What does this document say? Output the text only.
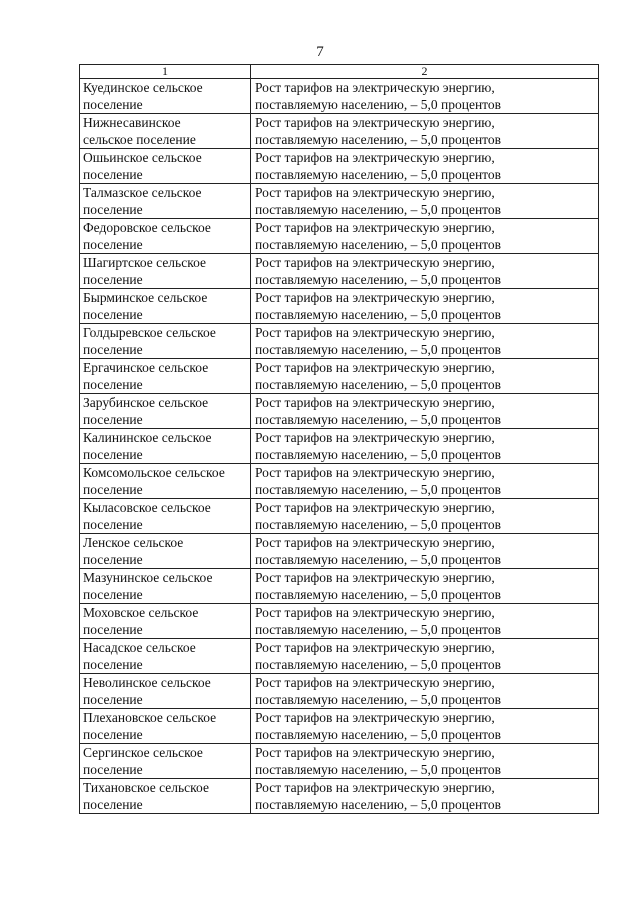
7
1	2

Куединское сельское
поселение	Рост тарифов на электрическую энергию,
поставляемую населению, – 5,0 процентов

Нижнесавинское
сельское поселение	Рост тарифов на электрическую энергию,
поставляемую населению, – 5,0 процентов

Ошьинское сельское
поселение	Рост тарифов на электрическую энергию,
поставляемую населению, – 5,0 процентов

Талмазское сельское
поселение	Рост тарифов на электрическую энергию,
поставляемую населению, – 5,0 процентов

Федоровское сельское
поселение	Рост тарифов на электрическую энергию,
поставляемую населению, – 5,0 процентов

Шагиртское сельское
поселение	Рост тарифов на электрическую энергию,
поставляемую населению, – 5,0 процентов

Бырминское сельское
поселение	Рост тарифов на электрическую энергию,
поставляемую населению, – 5,0 процентов

Голдыревское сельское
поселение	Рост тарифов на электрическую энергию,
поставляемую населению, – 5,0 процентов

Ергачинское сельское
поселение	Рост тарифов на электрическую энергию,
поставляемую населению, – 5,0 процентов

Зарубинское сельское
поселение	Рост тарифов на электрическую энергию,
поставляемую населению, – 5,0 процентов

Калининское сельское
поселение	Рост тарифов на электрическую энергию,
поставляемую населению, – 5,0 процентов

Комсомольское сельское
поселение	Рост тарифов на электрическую энергию,
поставляемую населению, – 5,0 процентов

Кыласовское сельское
поселение	Рост тарифов на электрическую энергию,
поставляемую населению, – 5,0 процентов

Ленское сельское
поселение	Рост тарифов на электрическую энергию,
поставляемую населению, – 5,0 процентов

Мазунинское сельское
поселение	Рост тарифов на электрическую энергию,
поставляемую населению, – 5,0 процентов

Моховское сельское
поселение	Рост тарифов на электрическую энергию,
поставляемую населению, – 5,0 процентов

Насадское сельское
поселение	Рост тарифов на электрическую энергию,
поставляемую населению, – 5,0 процентов

Неволинское сельское
поселение	Рост тарифов на электрическую энергию,
поставляемую населению, – 5,0 процентов

Плехановское сельское
поселение	Рост тарифов на электрическую энергию,
поставляемую населению, – 5,0 процентов

Сергинское сельское
поселение	Рост тарифов на электрическую энергию,
поставляемую населению, – 5,0 процентов

Тихановское сельское
поселение	Рост тарифов на электрическую энергию,
поставляемую населению, – 5,0 процентов
